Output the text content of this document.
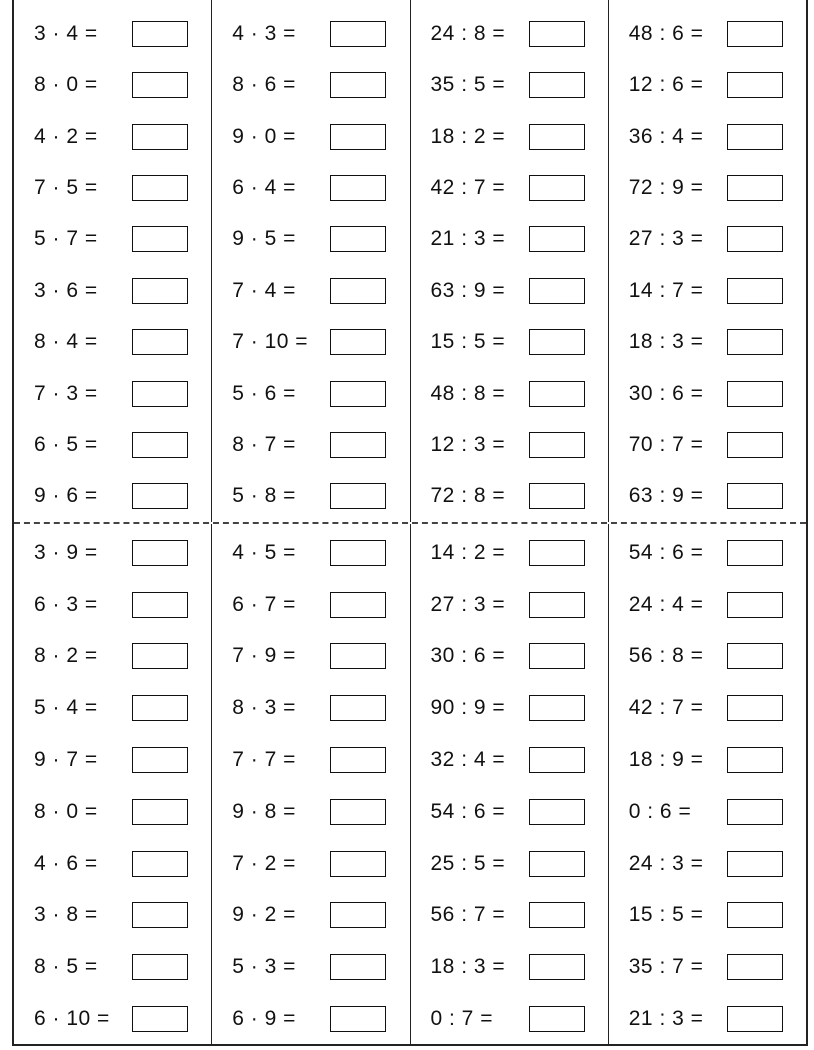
3 · 4 =
8 · 0 =
4 · 2 =
7 · 5 =
5 · 7 =
3 · 6 =
8 · 4 =
7 · 3 =
6 · 5 =
9 · 6 =
4 · 3 =
8 · 6 =
9 · 0 =
6 · 4 =
9 · 5 =
7 · 4 =
7 · 10 =
5 · 6 =
8 · 7 =
5 · 8 =
24 : 8 =
35 : 5 =
18 : 2 =
42 : 7 =
21 : 3 =
63 : 9 =
15 : 5 =
48 : 8 =
12 : 3 =
72 : 8 =
48 : 6 =
12 : 6 =
36 : 4 =
72 : 9 =
27 : 3 =
14 : 7 =
18 : 3 =
30 : 6 =
70 : 7 =
63 : 9 =
3 · 9 =
6 · 3 =
8 · 2 =
5 · 4 =
9 · 7 =
8 · 0 =
4 · 6 =
3 · 8 =
8 · 5 =
6 · 10 =
4 · 5 =
6 · 7 =
7 · 9 =
8 · 3 =
7 · 7 =
9 · 8 =
7 · 2 =
9 · 2 =
5 · 3 =
6 · 9 =
14 : 2 =
27 : 3 =
30 : 6 =
90 : 9 =
32 : 4 =
54 : 6 =
25 : 5 =
56 : 7 =
18 : 3 =
0 : 7 =
54 : 6 =
24 : 4 =
56 : 8 =
42 : 7 =
18 : 9 =
0 : 6 =
24 : 3 =
15 : 5 =
35 : 7 =
21 : 3 =
